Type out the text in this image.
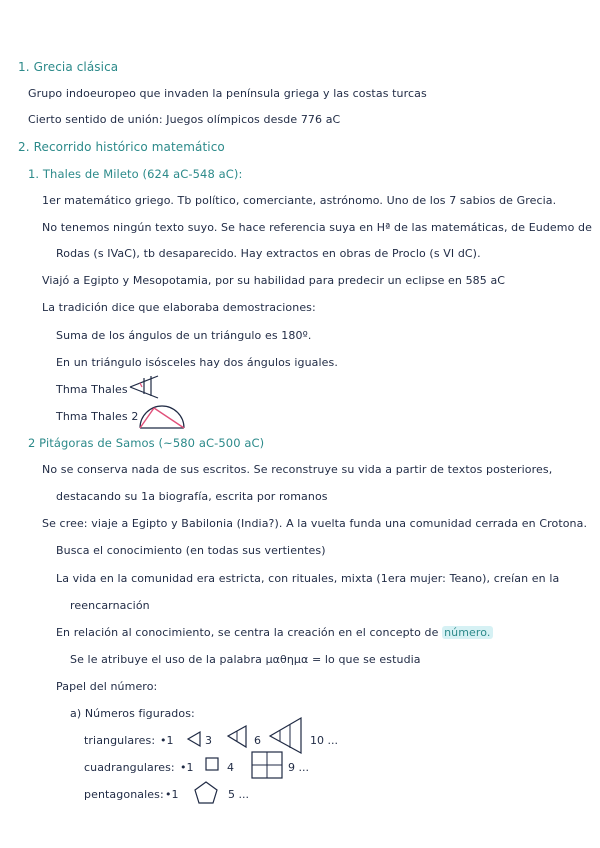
1. Grecia clásica
Grupo indoeuropeo que invaden la península griega y las costas turcas
Cierto sentido de unión: Juegos olímpicos desde 776 aC
2. Recorrido histórico matemático
1. Thales de Mileto (624 aC-548 aC):
1er matemático griego. Tb político, comerciante, astrónomo. Uno de los 7 sabios de Grecia.
No tenemos ningún texto suyo. Se hace referencia suya en Hª de las matemáticas, de Eudemo de
Rodas (s IVaC), tb desaparecido. Hay extractos en obras de Proclo (s VI dC).
Viajó a Egipto y Mesopotamia, por su habilidad para predecir un eclipse en 585 aC
La tradición dice que elaboraba demostraciones:
Suma de los ángulos de un triángulo es 180º.
En un triángulo isósceles hay dos ángulos iguales.
Thma Thales
Thma Thales 2
2 Pitágoras de Samos (~580 aC-500 aC)
No se conserva nada de sus escritos. Se reconstruye su vida a partir de textos posteriores,
destacando su 1a biografía, escrita por romanos
Se cree: viaje a Egipto y Babilonia (India?). A la vuelta funda una comunidad cerrada en Crotona.
Busca el conocimiento (en todas sus vertientes)
La vida en la comunidad era estricta, con rituales, mixta (1era mujer: Teano), creían en la
reencarnación
En relación al conocimiento, se centra la creación en el concepto de número.
Se le atribuye el uso de la palabra μαθημα = lo que se estudia
Papel del número:
a) Números figurados:
triangulares: •1	3	6	10 ...
cuadrangulares: •1	4	9 ...
pentagonales: •1	5 ...
